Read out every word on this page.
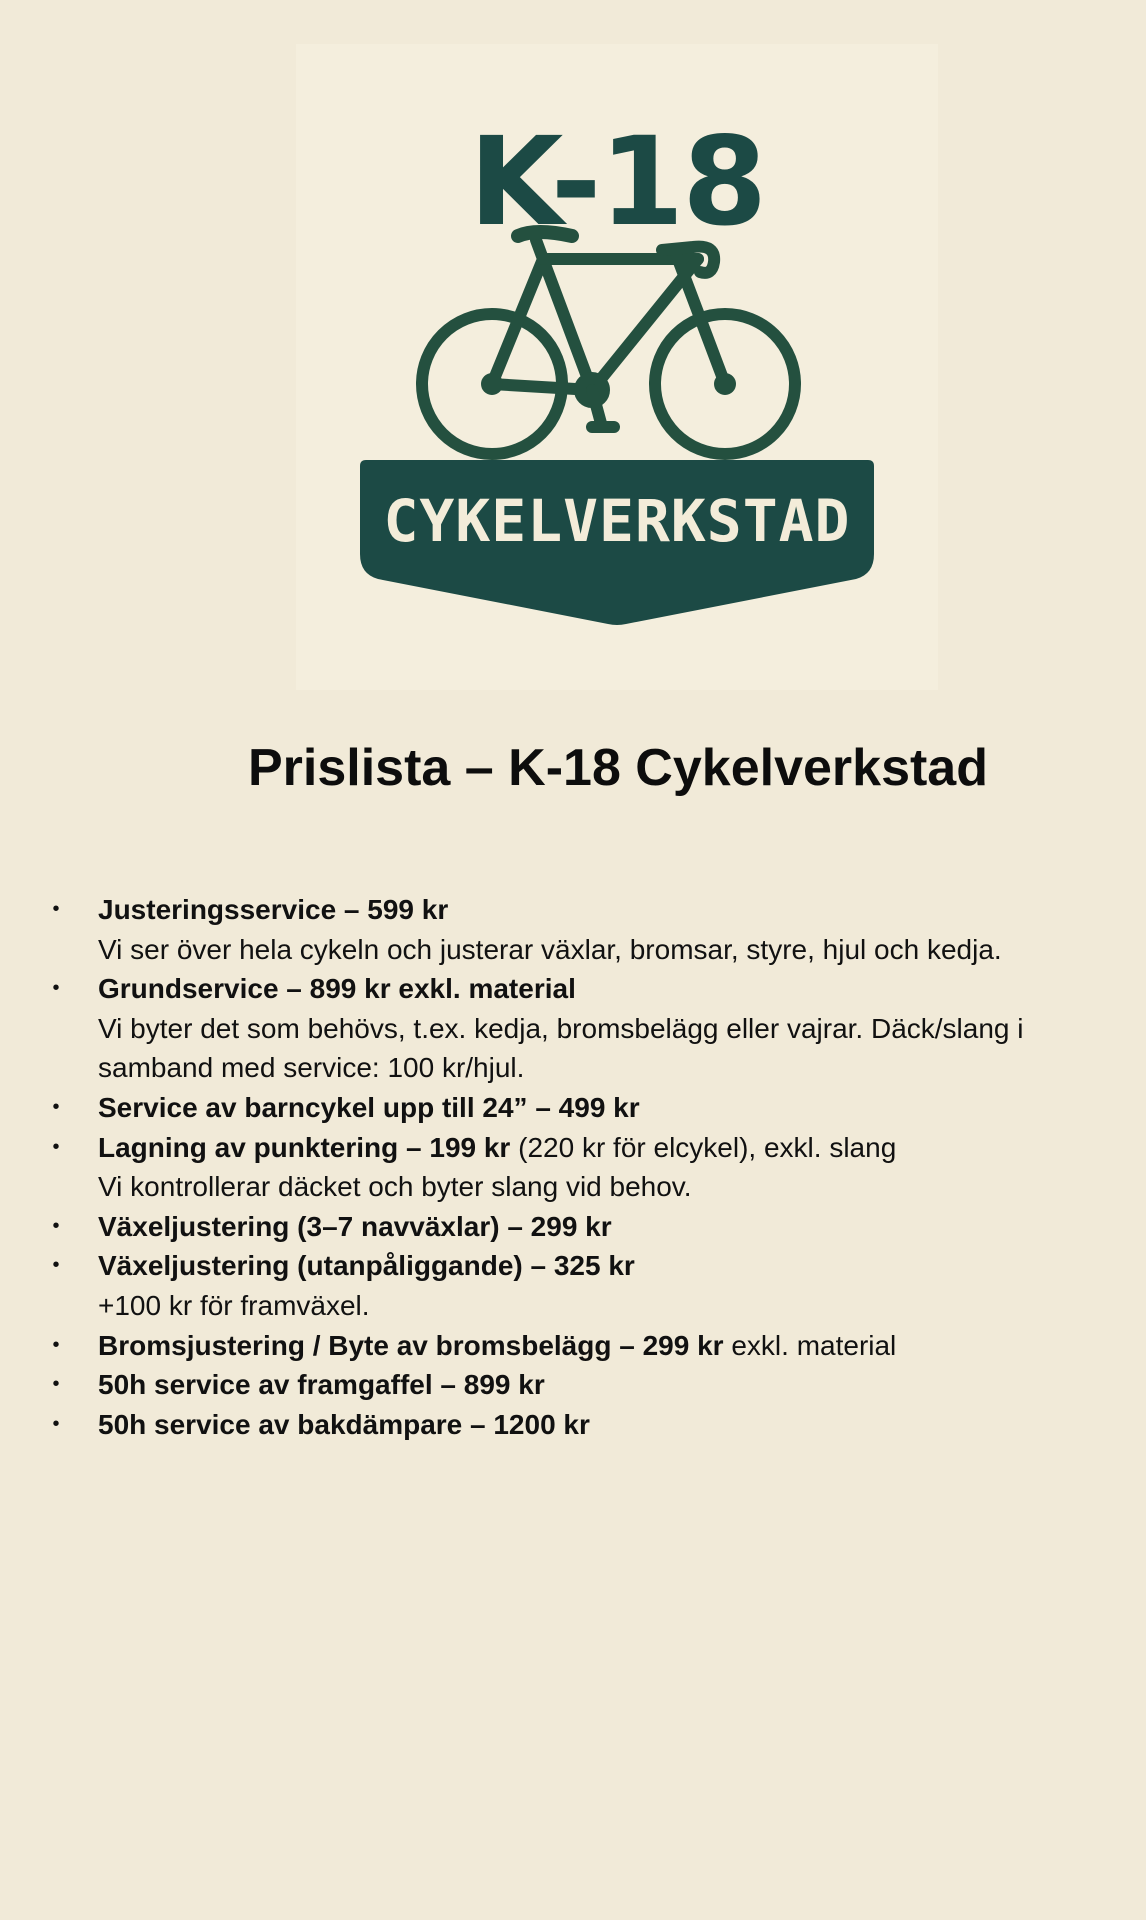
K-18
CYKELVERKSTAD
Prislista – K-18 Cykelverkstad
• Justeringsservice – 599 kr
Vi ser över hela cykeln och justerar växlar, bromsar, styre, hjul och kedja.
• Grundservice – 899 kr exkl. material
Vi byter det som behövs, t.ex. kedja, bromsbelägg eller vajrar. Däck/slang i samband med service: 100 kr/hjul.
• Service av barncykel upp till 24” – 499 kr
• Lagning av punktering – 199 kr (220 kr för elcykel), exkl. slang
Vi kontrollerar däcket och byter slang vid behov.
• Växeljustering (3–7 navväxlar) – 299 kr
• Växeljustering (utanpåliggande) – 325 kr
+100 kr för framväxel.
• Bromsjustering / Byte av bromsbelägg – 299 kr exkl. material
• 50h service av framgaffel – 899 kr
• 50h service av bakdämpare – 1200 kr
